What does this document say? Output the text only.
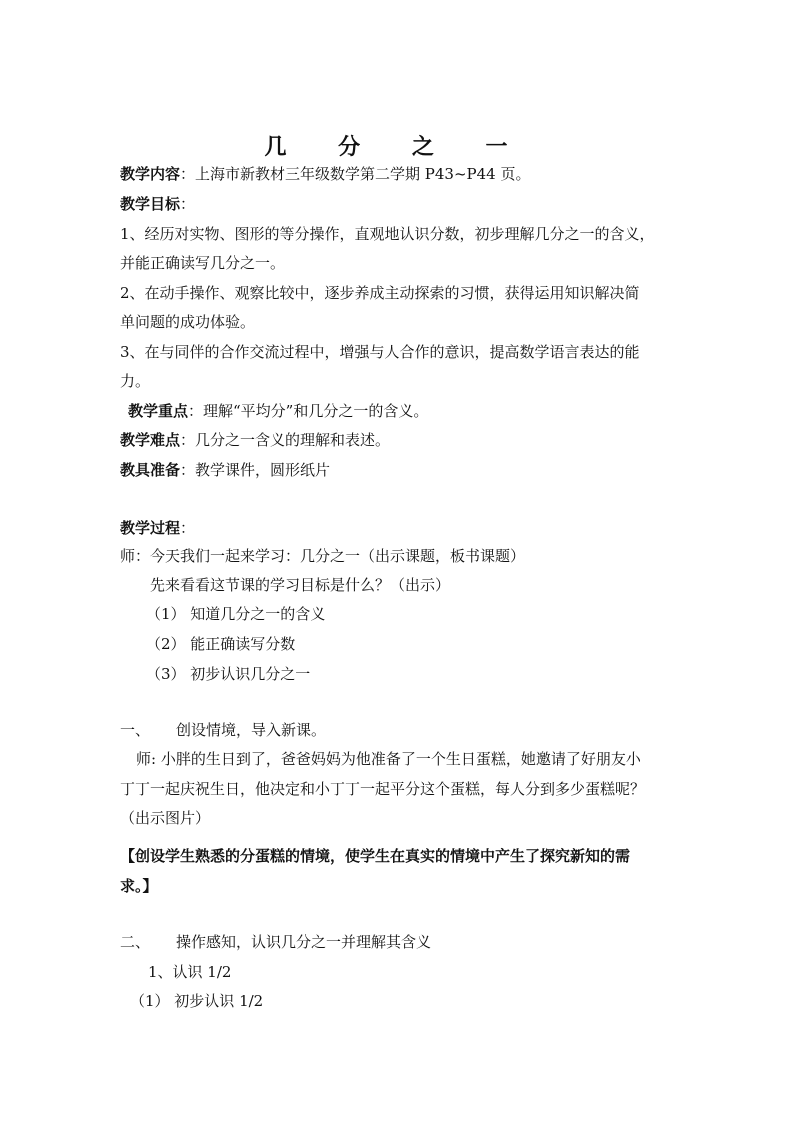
几 分 之 一
教学内容：上海市新教材三年级数学第二学期 P43~P44 页。
教学目标：
1、经历对实物、图形的等分操作，直观地认识分数，初步理解几分之一的含义，
并能正确读写几分之一。
2、在动手操作、观察比较中，逐步养成主动探索的习惯，获得运用知识解决简
单问题的成功体验。
3、在与同伴的合作交流过程中，增强与人合作的意识，提高数学语言表达的能
力。
教学重点：理解“平均分”和几分之一的含义。
教学难点：几分之一含义的理解和表述。
教具准备：教学课件，圆形纸片
教学过程：
师：今天我们一起来学习：几分之一（出示课题，板书课题）
先来看看这节课的学习目标是什么？（出示）
（1） 知道几分之一的含义
（2） 能正确读写分数
（3） 初步认识几分之一
一、	创设情境，导入新课。
师: 小胖的生日到了，爸爸妈妈为他准备了一个生日蛋糕，她邀请了好朋友小
丁丁一起庆祝生日，他决定和小丁丁一起平分这个蛋糕，每人分到多少蛋糕呢？
（出示图片）
【创设学生熟悉的分蛋糕的情境，使学生在真实的情境中产生了探究新知的需
求。】
二、	操作感知，认识几分之一并理解其含义
1、认识 1/2
（1） 初步认识 1/2
